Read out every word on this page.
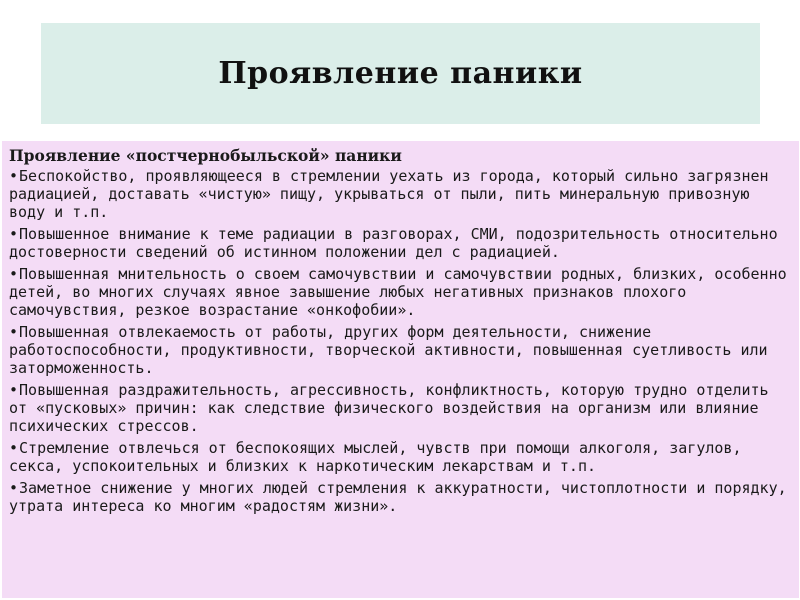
Проявление паники
Проявление «постчернобыльской» паники
•Беспокойство, проявляющееся в стремлении уехать из города, который сильно загрязнен радиацией, доставать «чистую» пищу, укрываться от пыли, пить минеральную привозную воду и т.п.
•Повышенное внимание к теме радиации в разговорах, СМИ, подозрительность относительно достоверности сведений об истинном положении дел с радиацией.
•Повышенная мнительность о своем самочувствии и самочувствии родных, близких, особенно детей, во многих случаях явное завышение любых негативных признаков плохого самочувствия, резкое возрастание «онкофобии».
•Повышенная отвлекаемость от работы, других форм деятельности, снижение работоспособности, продуктивности, творческой активности, повышенная суетливость или заторможенность.
•Повышенная раздражительность, агрессивность, конфликтность, которую трудно отделить от «пусковых» причин: как следствие физического воздействия на организм или влияние психических стрессов.
•Стремление отвлечься от беспокоящих мыслей, чувств при помощи алкоголя, загулов, секса, успокоительных и близких к наркотическим лекарствам и т.п.
•Заметное снижение у многих людей стремления к аккуратности, чистоплотности и порядку, утрата интереса ко многим «радостям жизни».
